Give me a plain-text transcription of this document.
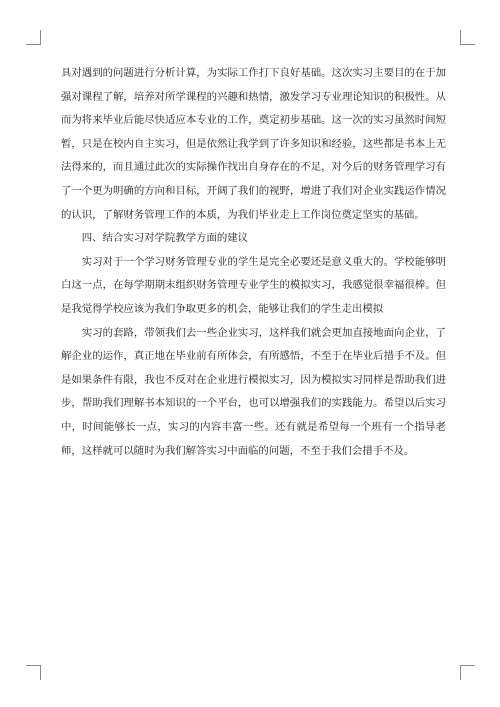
具对遇到的问题进行分析计算，为实际工作打下良好基础。这次实习主要目的在于加强对课程了解，培养对所学课程的兴趣和热情，激发学习专业理论知识的积极性。从而为将来毕业后能尽快适应本专业的工作，奠定初步基础。这一次的实习虽然时间短暂，只是在校内自主实习，但是依然让我学到了许多知识和经验，这些都是书本上无法得来的，而且通过此次的实际操作找出自身存在的不足，对今后的财务管理学习有了一个更为明确的方向和目标，开阔了我们的视野，增进了我们对企业实践运作情况的认识，了解财务管理工作的本质，为我们毕业走上工作岗位奠定坚实的基础。

四、结合实习对学院教学方面的建议

实习对于一个学习财务管理专业的学生是完全必要还是意义重大的。学校能够明白这一点，在每学期期末组织财务管理专业学生的模拟实习，我感觉很幸福很棒。但是我觉得学校应该为我们争取更多的机会，能够让我们的学生走出模拟

实习的套路，带领我们去一些企业实习，这样我们就会更加直接地面向企业，了解企业的运作，真正地在毕业前有所体会，有所感悟，不至于在毕业后措手不及。但是如果条件有限，我也不反对在企业进行模拟实习，因为模拟实习同样是帮助我们进步，帮助我们理解书本知识的一个平台，也可以增强我们的实践能力。希望以后实习中，时间能够长一点，实习的内容丰富一些。还有就是希望每一个班有一个指导老师，这样就可以随时为我们解答实习中面临的问题，不至于我们会措手不及。
